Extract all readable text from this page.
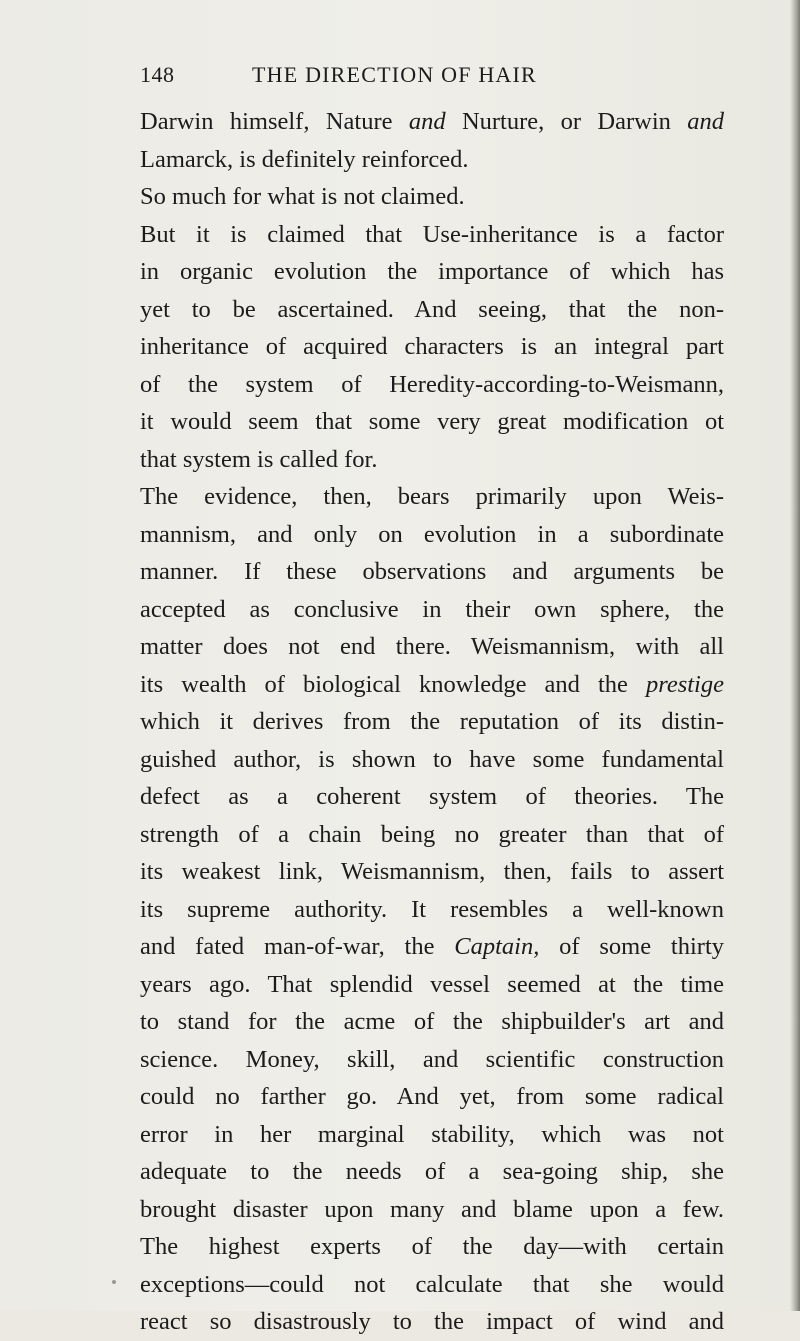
148	THE DIRECTION OF HAIR
Darwin himself, Nature and Nurture, or Darwin and
Lamarck, is definitely reinforced.
So much for what is not claimed.
But it is claimed that Use-inheritance is a factor
in organic evolution the importance of which has
yet to be ascertained. And seeing, that the non-
inheritance of acquired characters is an integral part
of the system of Heredity-according-to-Weismann,
it would seem that some very great modification ot
that system is called for.
The evidence, then, bears primarily upon Weis-
mannism, and only on evolution in a subordinate
manner. If these observations and arguments be
accepted as conclusive in their own sphere, the
matter does not end there. Weismannism, with all
its wealth of biological knowledge and the prestige
which it derives from the reputation of its distin-
guished author, is shown to have some fundamental
defect as a coherent system of theories. The
strength of a chain being no greater than that of
its weakest link, Weismannism, then, fails to assert
its supreme authority. It resembles a well-known
and fated man-of-war, the Captain, of some thirty
years ago. That splendid vessel seemed at the time
to stand for the acme of the shipbuilder's art and
science. Money, skill, and scientific construction
could no farther go. And yet, from some radical
error in her marginal stability, which was not
adequate to the needs of a sea-going ship, she
brought disaster upon many and blame upon a few.
The highest experts of the day—with certain
exceptions—could not calculate that she would
react so disastrously to the impact of wind and
